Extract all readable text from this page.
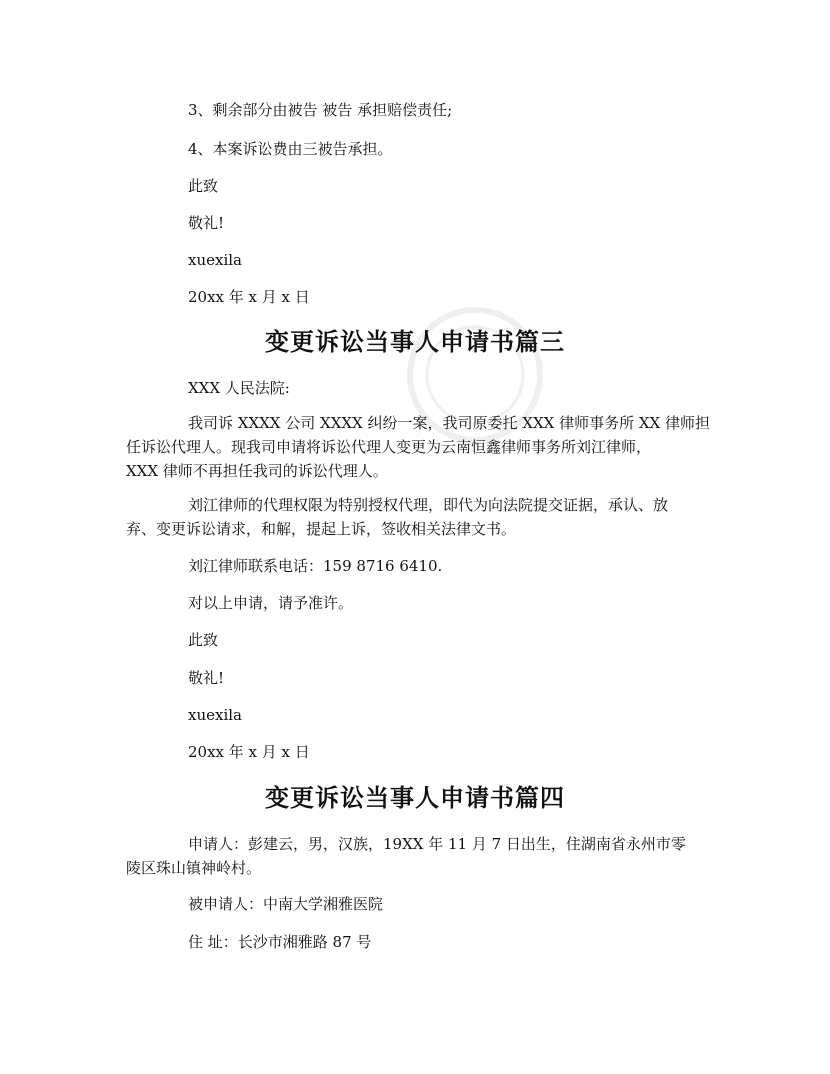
3、剩余部分由被告 被告 承担赔偿责任;
4、本案诉讼费由三被告承担。
此致
敬礼!
xuexila
20xx 年 x 月 x 日
变更诉讼当事人申请书篇三
XXX 人民法院:
我司诉 XXXX 公司 XXXX 纠纷一案，我司原委托 XXX 律师事务所 XX 律师担
任诉讼代理人。现我司申请将诉讼代理人变更为云南恒鑫律师事务所刘江律师，
XXX 律师不再担任我司的诉讼代理人。
刘江律师的代理权限为特别授权代理，即代为向法院提交证据，承认、放
弃、变更诉讼请求，和解，提起上诉，签收相关法律文书。
刘江律师联系电话：159 8716 6410.
对以上申请，请予准许。
此致
敬礼!
xuexila
20xx 年 x 月 x 日
变更诉讼当事人申请书篇四
申请人：彭建云，男，汉族，19XX 年 11 月 7 日出生，住湖南省永州市零
陵区珠山镇神岭村。
被申请人：中南大学湘雅医院
住 址：长沙市湘雅路 87 号
